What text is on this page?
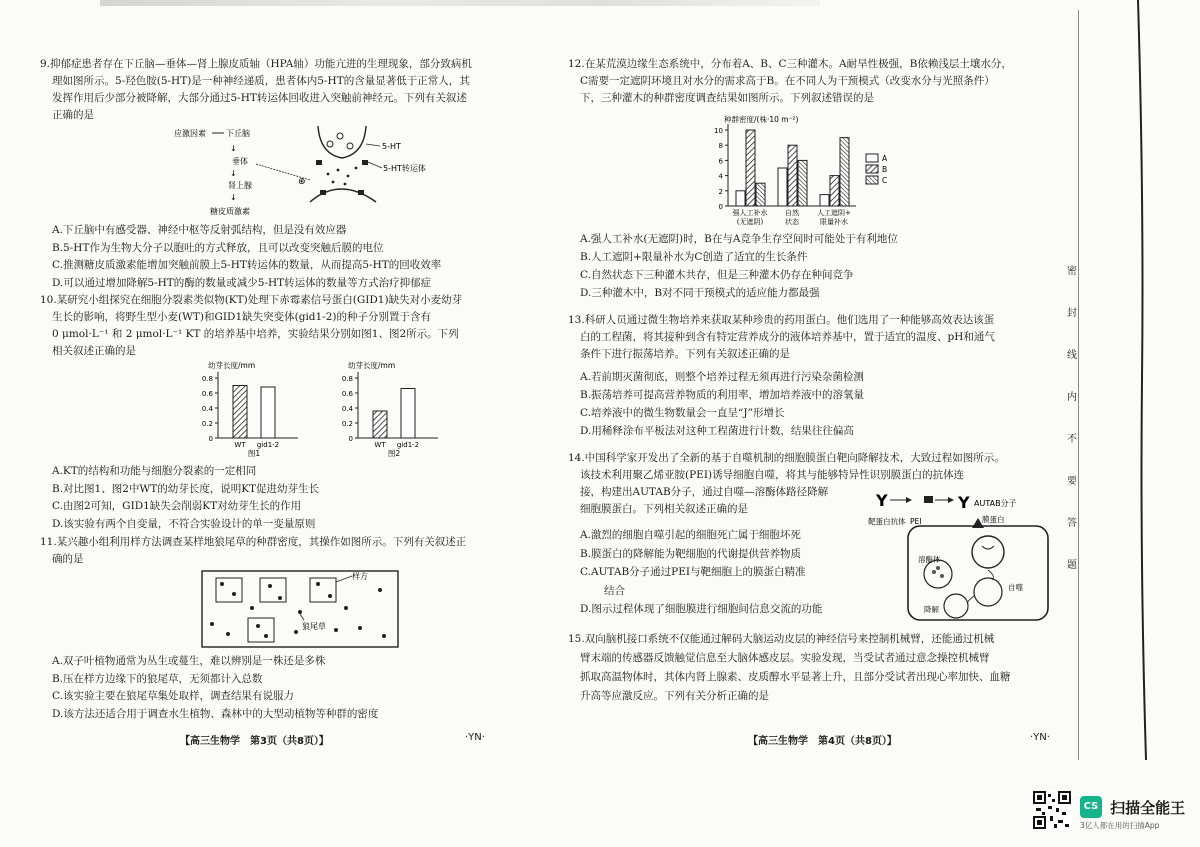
9.抑郁症患者存在下丘脑—垂体—肾上腺皮质轴（HPA轴）功能亢进的生理现象，部分致病机

理如图所示。5-羟色胺(5-HT)是一种神经递质，患者体内5-HT的含量显著低于正常人，其

发挥作用后少部分被降解，大部分通过5-HT转运体回收进入突触前神经元。下列有关叙述

正确的是

应激因素	下丘脑
↓
垂体
↓
肾上腺
↓
糖皮质激素
5-HT
5-HT转运体
⊕

A.下丘脑中有感受器、神经中枢等反射弧结构，但是没有效应器

B.5-HT作为生物大分子以胞吐的方式释放，且可以改变突触后膜的电位

C.推测糖皮质激素能增加突触前膜上5-HT转运体的数量，从而提高5-HT的回收效率

D.可以通过增加降解5-HT的酶的数量或减少5-HT转运体的数量等方式治疗抑郁症

10.某研究小组探究在细胞分裂素类似物(KT)处理下赤霉素信号蛋白(GID1)缺失对小麦幼芽

生长的影响，将野生型小麦(WT)和GID1缺失突变体(gid1-2)的种子分别置于含有

0 μmol·L⁻¹ 和 2 μmol·L⁻¹ KT 的培养基中培养，实验结果分别如图1、图2所示。下列

相关叙述正确的是

幼芽长度/mm
0
0.2
0.4
0.6
0.8
WT gid1-2
图1
幼芽长度/mm
0
0.2
0.4
0.6
0.8
WT gid1-2
图2

A.KT的结构和功能与细胞分裂素的一定相同

B.对比图1、图2中WT的幼芽长度，说明KT促进幼芽生长

C.由图2可知，GID1缺失会削弱KT对幼芽生长的作用

D.该实验有两个自变量，不符合实验设计的单一变量原则

11.某兴趣小组利用样方法调查某样地狼尾草的种群密度，其操作如图所示。下列有关叙述正

确的是

样方
狼尾草

A.双子叶植物通常为丛生或蔓生，难以辨别是一株还是多株

B.压在样方边缘下的狼尾草，无须都计入总数

C.该实验主要在狼尾草集处取样，调查结果有说服力

D.该方法还适合用于调查水生植物、森林中的大型动植物等种群的密度

【高三生物学　第3页（共8页）】	·YN·

12.在某荒漠边缘生态系统中，分布着A、B、C三种灌木。A耐旱性极强，B依赖浅层土壤水分，

C需要一定遮阴环境且对水分的需求高于B。在不同人为干预模式（改变水分与光照条件）

下，三种灌木的种群密度调查结果如图所示。下列叙述错误的是

种群密度/(株·10 m⁻²)
0
2
4
6
8
10
强人工补水
(无遮阴)
自然
状态
人工遮阴+
限量补水
A
B
C

A.强人工补水(无遮阴)时，B在与A竞争生存空间时可能处于有利地位

B.人工遮阴+限量补水为C创造了适宜的生长条件

C.自然状态下三种灌木共存，但是三种灌木仍存在种间竞争

D.三种灌木中，B对不同干预模式的适应能力都最强

13.科研人员通过微生物培养来获取某种珍贵的药用蛋白。他们选用了一种能够高效表达该蛋

白的工程菌，将其接种到含有特定营养成分的液体培养基中，置于适宜的温度、pH和通气

条件下进行振荡培养。下列有关叙述正确的是

A.若前期灭菌彻底，则整个培养过程无须再进行污染杂菌检测

B.振荡培养可提高营养物质的利用率，增加培养液中的溶氧量

C.培养液中的微生物数量会一直呈“J”形增长

D.用稀释涂布平板法对这种工程菌进行计数，结果往往偏高

14.中国科学家开发出了全新的基于自噬机制的细胞膜蛋白靶向降解技术，大致过程如图所示。

该技术利用聚乙烯亚胺(PEI)诱导细胞自噬，将其与能够特异性识别膜蛋白的抗体连

接，构建出AUTAB分子，通过自噬—溶酶体路径降解

细胞膜蛋白。下列相关叙述正确的是	Y	Y AUTAB分子
靶蛋白抗体 PEI	膜蛋白
溶酶体
自噬
降解

A.激烈的细胞自噬引起的细胞死亡属于细胞坏死

B.膜蛋白的降解能为靶细胞的代谢提供营养物质

C.AUTAB分子通过PEI与靶细胞上的膜蛋白精准

结合

D.图示过程体现了细胞膜进行细胞间信息交流的功能

15.双向脑机接口系统不仅能通过解码大脑运动皮层的神经信号来控制机械臂，还能通过机械

臂末端的传感器反馈触觉信息至大脑体感皮层。实验发现，当受试者通过意念操控机械臂

抓取高温物体时，其体内肾上腺素、皮质醇水平显著上升，且部分受试者出现心率加快、血糖

升高等应激反应。下列有关分析正确的是

【高三生物学　第4页（共8页）】	·YN·
密
封
线
内
不
要
答
题
CS 扫描全能王
3亿人都在用的扫描App
